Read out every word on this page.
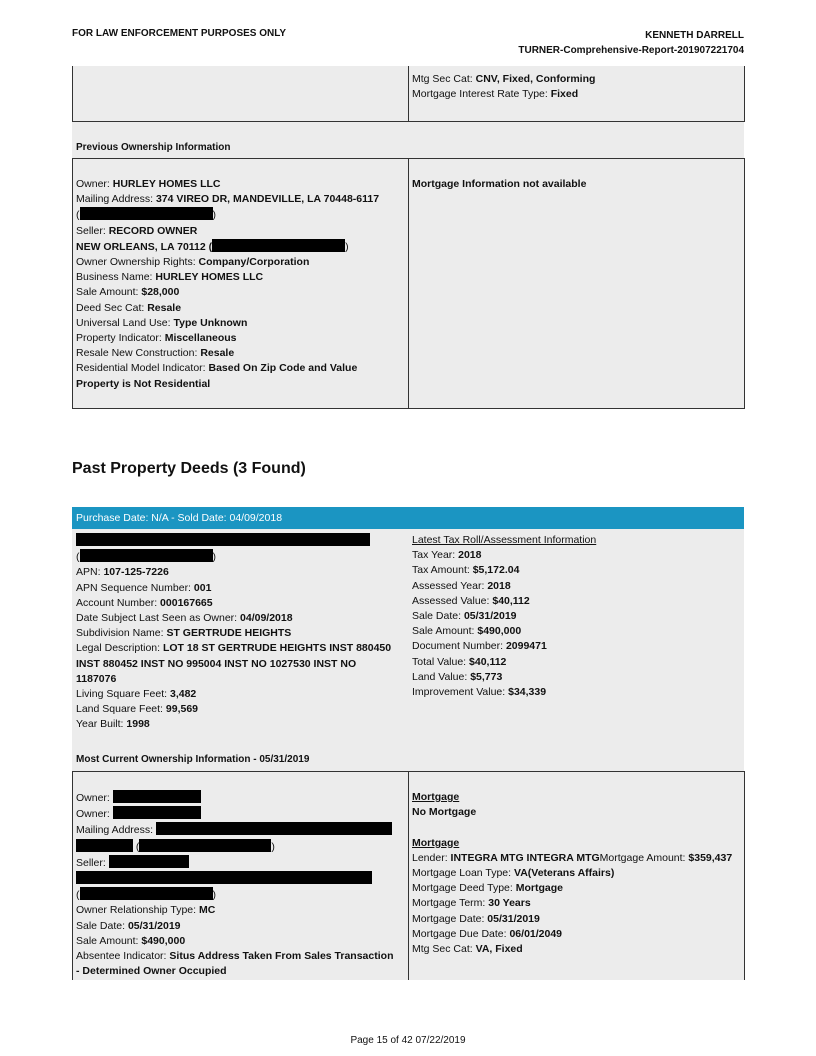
FOR LAW ENFORCEMENT PURPOSES ONLY	KENNETH DARRELL
TURNER-Comprehensive-Report-201907221704
Mtg Sec Cat: CNV, Fixed, Conforming
Mortgage Interest Rate Type: Fixed
Previous Ownership Information
Owner: HURLEY HOMES LLC
Mailing Address: 374 VIREO DR, MANDEVILLE, LA 70448-6117
(	)
Seller: RECORD OWNER
NEW ORLEANS, LA 70112 (	)
Owner Ownership Rights: Company/Corporation
Business Name: HURLEY HOMES LLC
Sale Amount: $28,000
Deed Sec Cat: Resale
Universal Land Use: Type Unknown
Property Indicator: Miscellaneous
Resale New Construction: Resale
Residential Model Indicator: Based On Zip Code and Value
Property is Not Residential
Mortgage Information not available
Past Property Deeds (3 Found)
Purchase Date: N/A - Sold Date: 04/09/2018
(	)
APN: 107-125-7226
APN Sequence Number: 001
Account Number: 000167665
Date Subject Last Seen as Owner: 04/09/2018
Subdivision Name: ST GERTRUDE HEIGHTS
Legal Description: LOT 18 ST GERTRUDE HEIGHTS INST 880450
INST 880452 INST NO 995004 INST NO 1027530 INST NO
1187076
Living Square Feet: 3,482
Land Square Feet: 99,569
Year Built: 1998
Latest Tax Roll/Assessment Information
Tax Year: 2018
Tax Amount: $5,172.04
Assessed Year: 2018
Assessed Value: $40,112
Sale Date: 05/31/2019
Sale Amount: $490,000
Document Number: 2099471
Total Value: $40,112
Land Value: $5,773
Improvement Value: $34,339
Most Current Ownership Information - 05/31/2019
Owner:
Owner:
Mailing Address:
(	)
Seller:
(	)
Owner Relationship Type: MC
Sale Date: 05/31/2019
Sale Amount: $490,000
Absentee Indicator: Situs Address Taken From Sales Transaction
- Determined Owner Occupied
Mortgage
No Mortgage

Mortgage
Lender: INTEGRA MTG INTEGRA MTGMortgage Amount: $359,437
Mortgage Loan Type: VA(Veterans Affairs)
Mortgage Deed Type: Mortgage
Mortgage Term: 30 Years
Mortgage Date: 05/31/2019
Mortgage Due Date: 06/01/2049
Mtg Sec Cat: VA, Fixed
Page 15 of 42 07/22/2019
